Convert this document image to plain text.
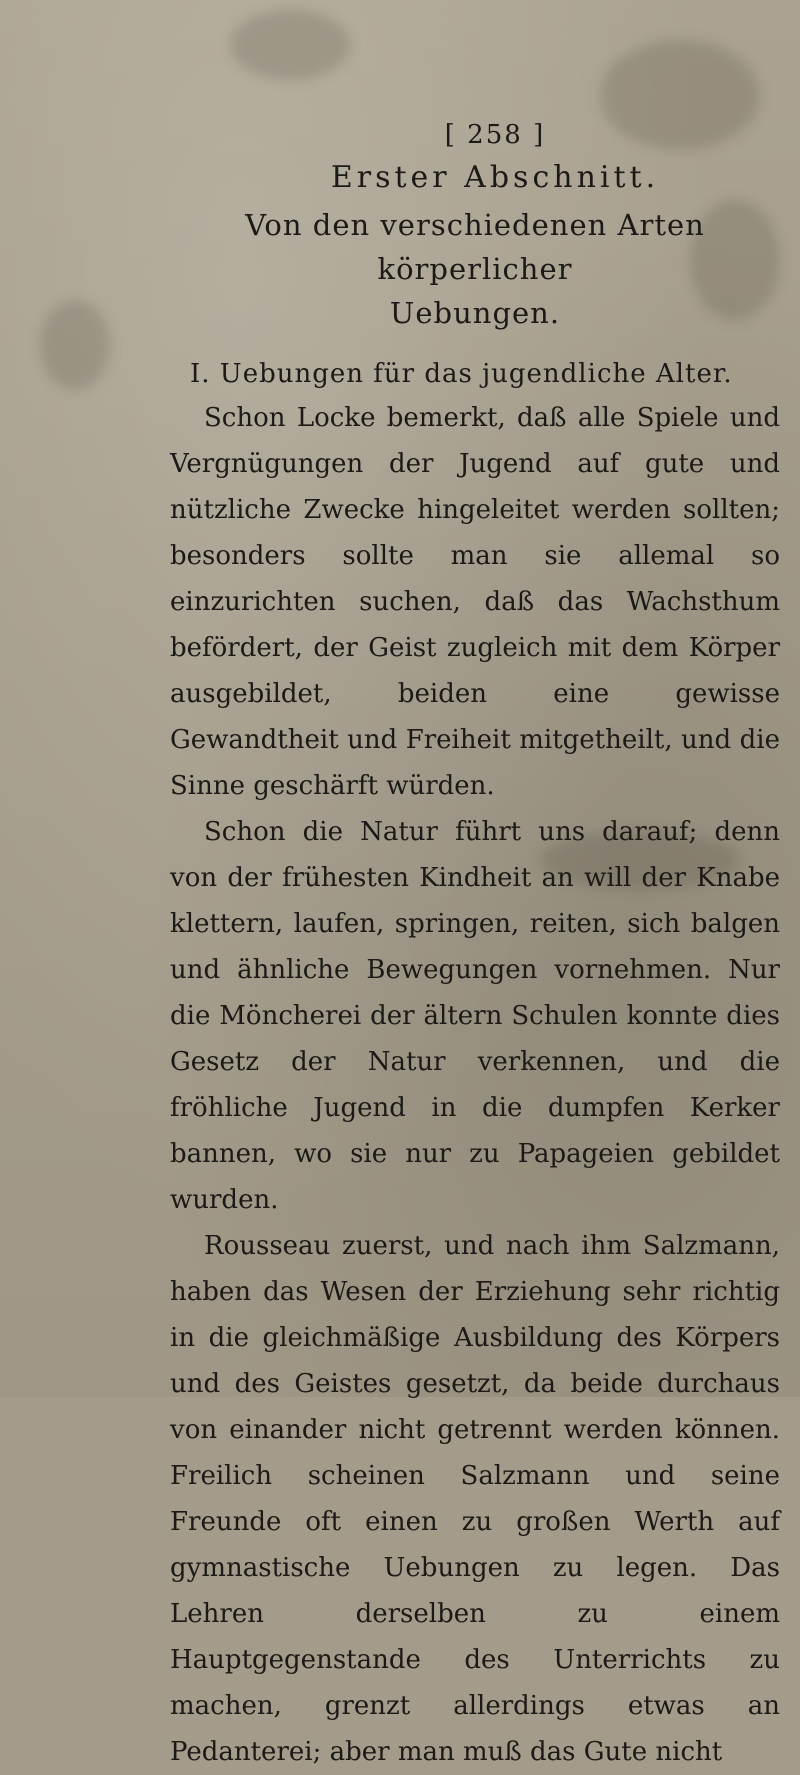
[ 258 ]
Erster Abschnitt.
Von den verschiedenen Arten körperlicher
Uebungen.
I. Uebungen für das jugendliche Alter.

Schon Locke bemerkt, daß alle Spiele und Vergnügungen der Jugend auf gute und nützliche Zwecke hingeleitet werden sollten; besonders sollte man sie allemal so einzurichten suchen, daß das Wachsthum befördert, der Geist zugleich mit dem Körper ausgebildet, beiden eine gewisse Gewandtheit und Freiheit mitgetheilt, und die Sinne geschärft würden.

Schon die Natur führt uns darauf; denn von der frühesten Kindheit an will der Knabe klettern, laufen, springen, reiten, sich balgen und ähnliche Bewegungen vornehmen. Nur die Möncherei der ältern Schulen konnte dies Gesetz der Natur verkennen, und die fröhliche Jugend in die dumpfen Kerker bannen, wo sie nur zu Papageien gebildet wurden.

Rousseau zuerst, und nach ihm Salzmann, haben das Wesen der Erziehung sehr richtig in die gleichmäßige Ausbildung des Körpers und des Geistes gesetzt, da beide durchaus von einander nicht getrennt werden können. Freilich scheinen Salzmann und seine Freunde oft einen zu großen Werth auf gymnastische Uebungen zu legen. Das Lehren derselben zu einem Hauptgegenstande des Unterrichts zu machen, grenzt allerdings etwas an Pedanterei; aber man muß das Gute nicht
